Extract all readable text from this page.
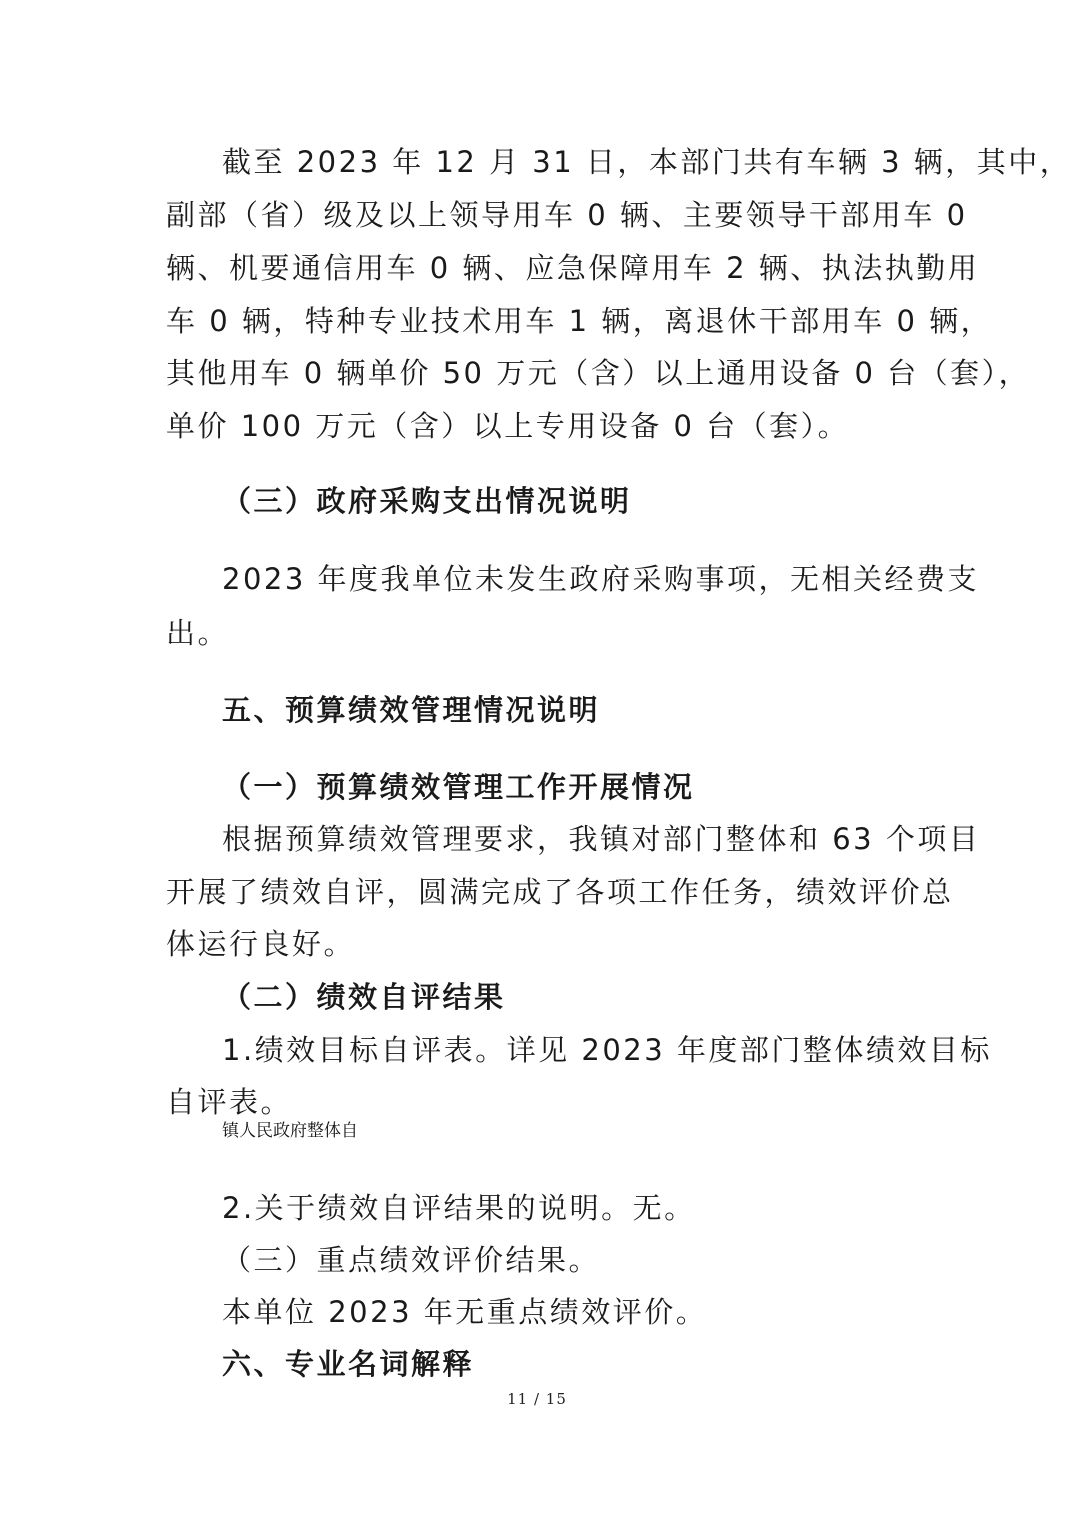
截至 2023 年 12 月 31 日，本部门共有车辆 3 辆，其中，
副部（省）级及以上领导用车 0 辆、主要领导干部用车 0
辆、机要通信用车 0 辆、应急保障用车 2 辆、执法执勤用
车 0 辆，特种专业技术用车 1 辆，离退休干部用车 0 辆，
其他用车 0 辆单价 50 万元（含）以上通用设备 0 台（套），
单价 100 万元（含）以上专用设备 0 台（套）。
（三）政府采购支出情况说明
2023 年度我单位未发生政府采购事项，无相关经费支
出。
五、预算绩效管理情况说明
（一）预算绩效管理工作开展情况
根据预算绩效管理要求，我镇对部门整体和 63 个项目
开展了绩效自评，圆满完成了各项工作任务，绩效评价总
体运行良好。
（二）绩效自评结果
1.绩效目标自评表。详见 2023 年度部门整体绩效目标
自评表。
镇人民政府整体自
2.关于绩效自评结果的说明。无。
（三）重点绩效评价结果。
本单位 2023 年无重点绩效评价。
六、专业名词解释
11 / 15
